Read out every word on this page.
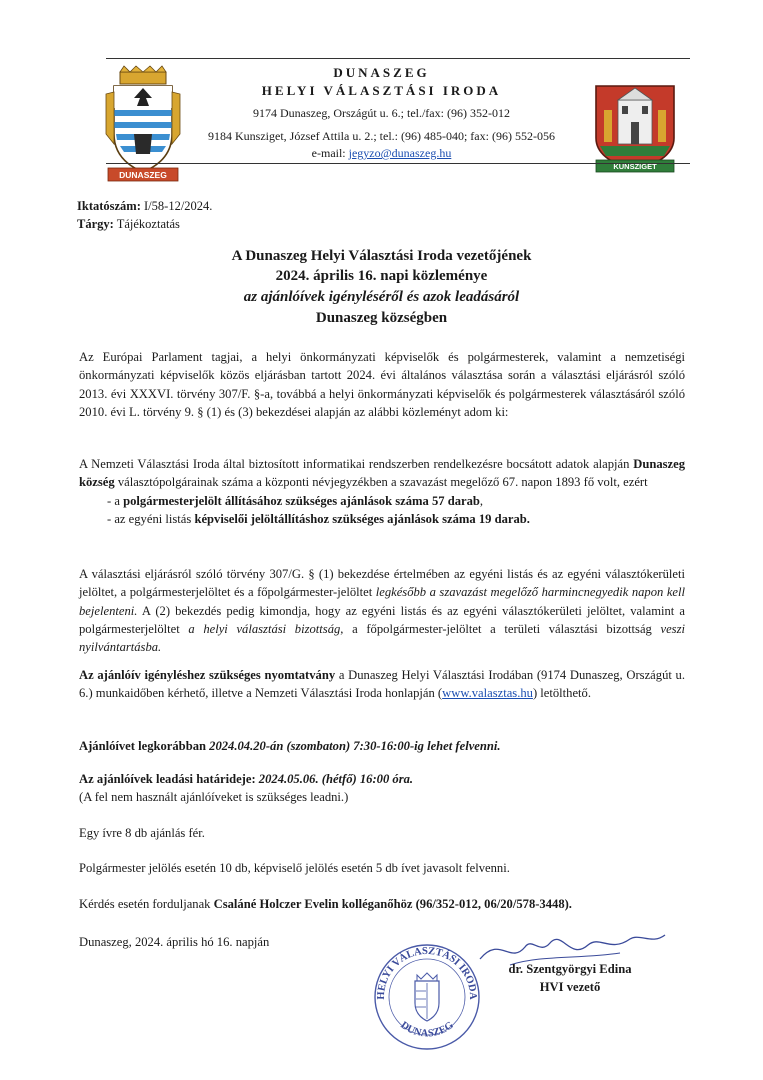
DUNASZEG
DUNASZEG
HELYI VÁLASZTÁSI IRODA
9174 Dunaszeg, Országút u. 6.; tel./fax: (96) 352-012
9184 Kunsziget, József Attila u. 2.; tel.: (96) 485-040; fax: (96) 552-056
e-mail: jegyzo@dunaszeg.hu
KUNSZIGET
Iktatószám: I/58-12/2024.
Tárgy: Tájékoztatás
A Dunaszeg Helyi Választási Iroda vezetőjének
2024. április 16. napi közleménye
az ajánlóívek igényléséről és azok leadásáról
Dunaszeg községben

Az Európai Parlament tagjai, a helyi önkormányzati képviselők és polgármesterek, valamint a nemzetiségi önkormányzati képviselők közös eljárásban tartott 2024. évi általános választása során a választási eljárásról szóló 2013. évi XXXVI. törvény 307/F. §-a, továbbá a helyi önkormányzati képviselők és polgármesterek választásáról szóló 2010. évi L. törvény 9. § (1) és (3) bekezdései alapján az alábbi közleményt adom ki:

A Nemzeti Választási Iroda által biztosított informatikai rendszerben rendelkezésre bocsátott adatok alapján Dunaszeg község választópolgárainak száma a központi névjegyzékben a szavazást megelőző 67. napon 1893 fő volt, ezért

- a polgármesterjelölt állításához szükséges ajánlások száma 57 darab,

- az egyéni listás képviselői jelöltállításhoz szükséges ajánlások száma 19 darab.

A választási eljárásról szóló törvény 307/G. § (1) bekezdése értelmében az egyéni listás és az egyéni választókerületi jelöltet, a polgármesterjelöltet és a főpolgármester-jelöltet legkésőbb a szavazást megelőző harmincnegyedik napon kell bejelenteni. A (2) bekezdés pedig kimondja, hogy az egyéni listás és az egyéni választókerületi jelöltet, valamint a polgármesterjelöltet a helyi választási bizottság, a főpolgármester-jelöltet a területi választási bizottság veszi nyilvántartásba.

Az ajánlóív igényléshez szükséges nyomtatvány a Dunaszeg Helyi Választási Irodában (9174 Dunaszeg, Országút u. 6.) munkaidőben kérhető, illetve a Nemzeti Választási Iroda honlapján (www.valasztas.hu) letölthető.

Ajánlóívet legkorábban 2024.04.20-án (szombaton) 7:30-16:00-ig lehet felvenni.

Az ajánlóívek leadási határideje: 2024.05.06. (hétfő) 16:00 óra.

(A fel nem használt ajánlóíveket is szükséges leadni.)

Egy ívre 8 db ajánlás fér.

Polgármester jelölés esetén 10 db, képviselő jelölés esetén 5 db ívet javasolt felvenni.

Kérdés esetén forduljanak Csaláné Holczer Evelin kolléganőhöz (96/352-012, 06/20/578-3448).

Dunaszeg, 2024. április hó 16. napján
HELYI VÁLASZTÁSI IRODA
DUNASZEG
dr. Szentgyörgyi Edina
HVI vezető
